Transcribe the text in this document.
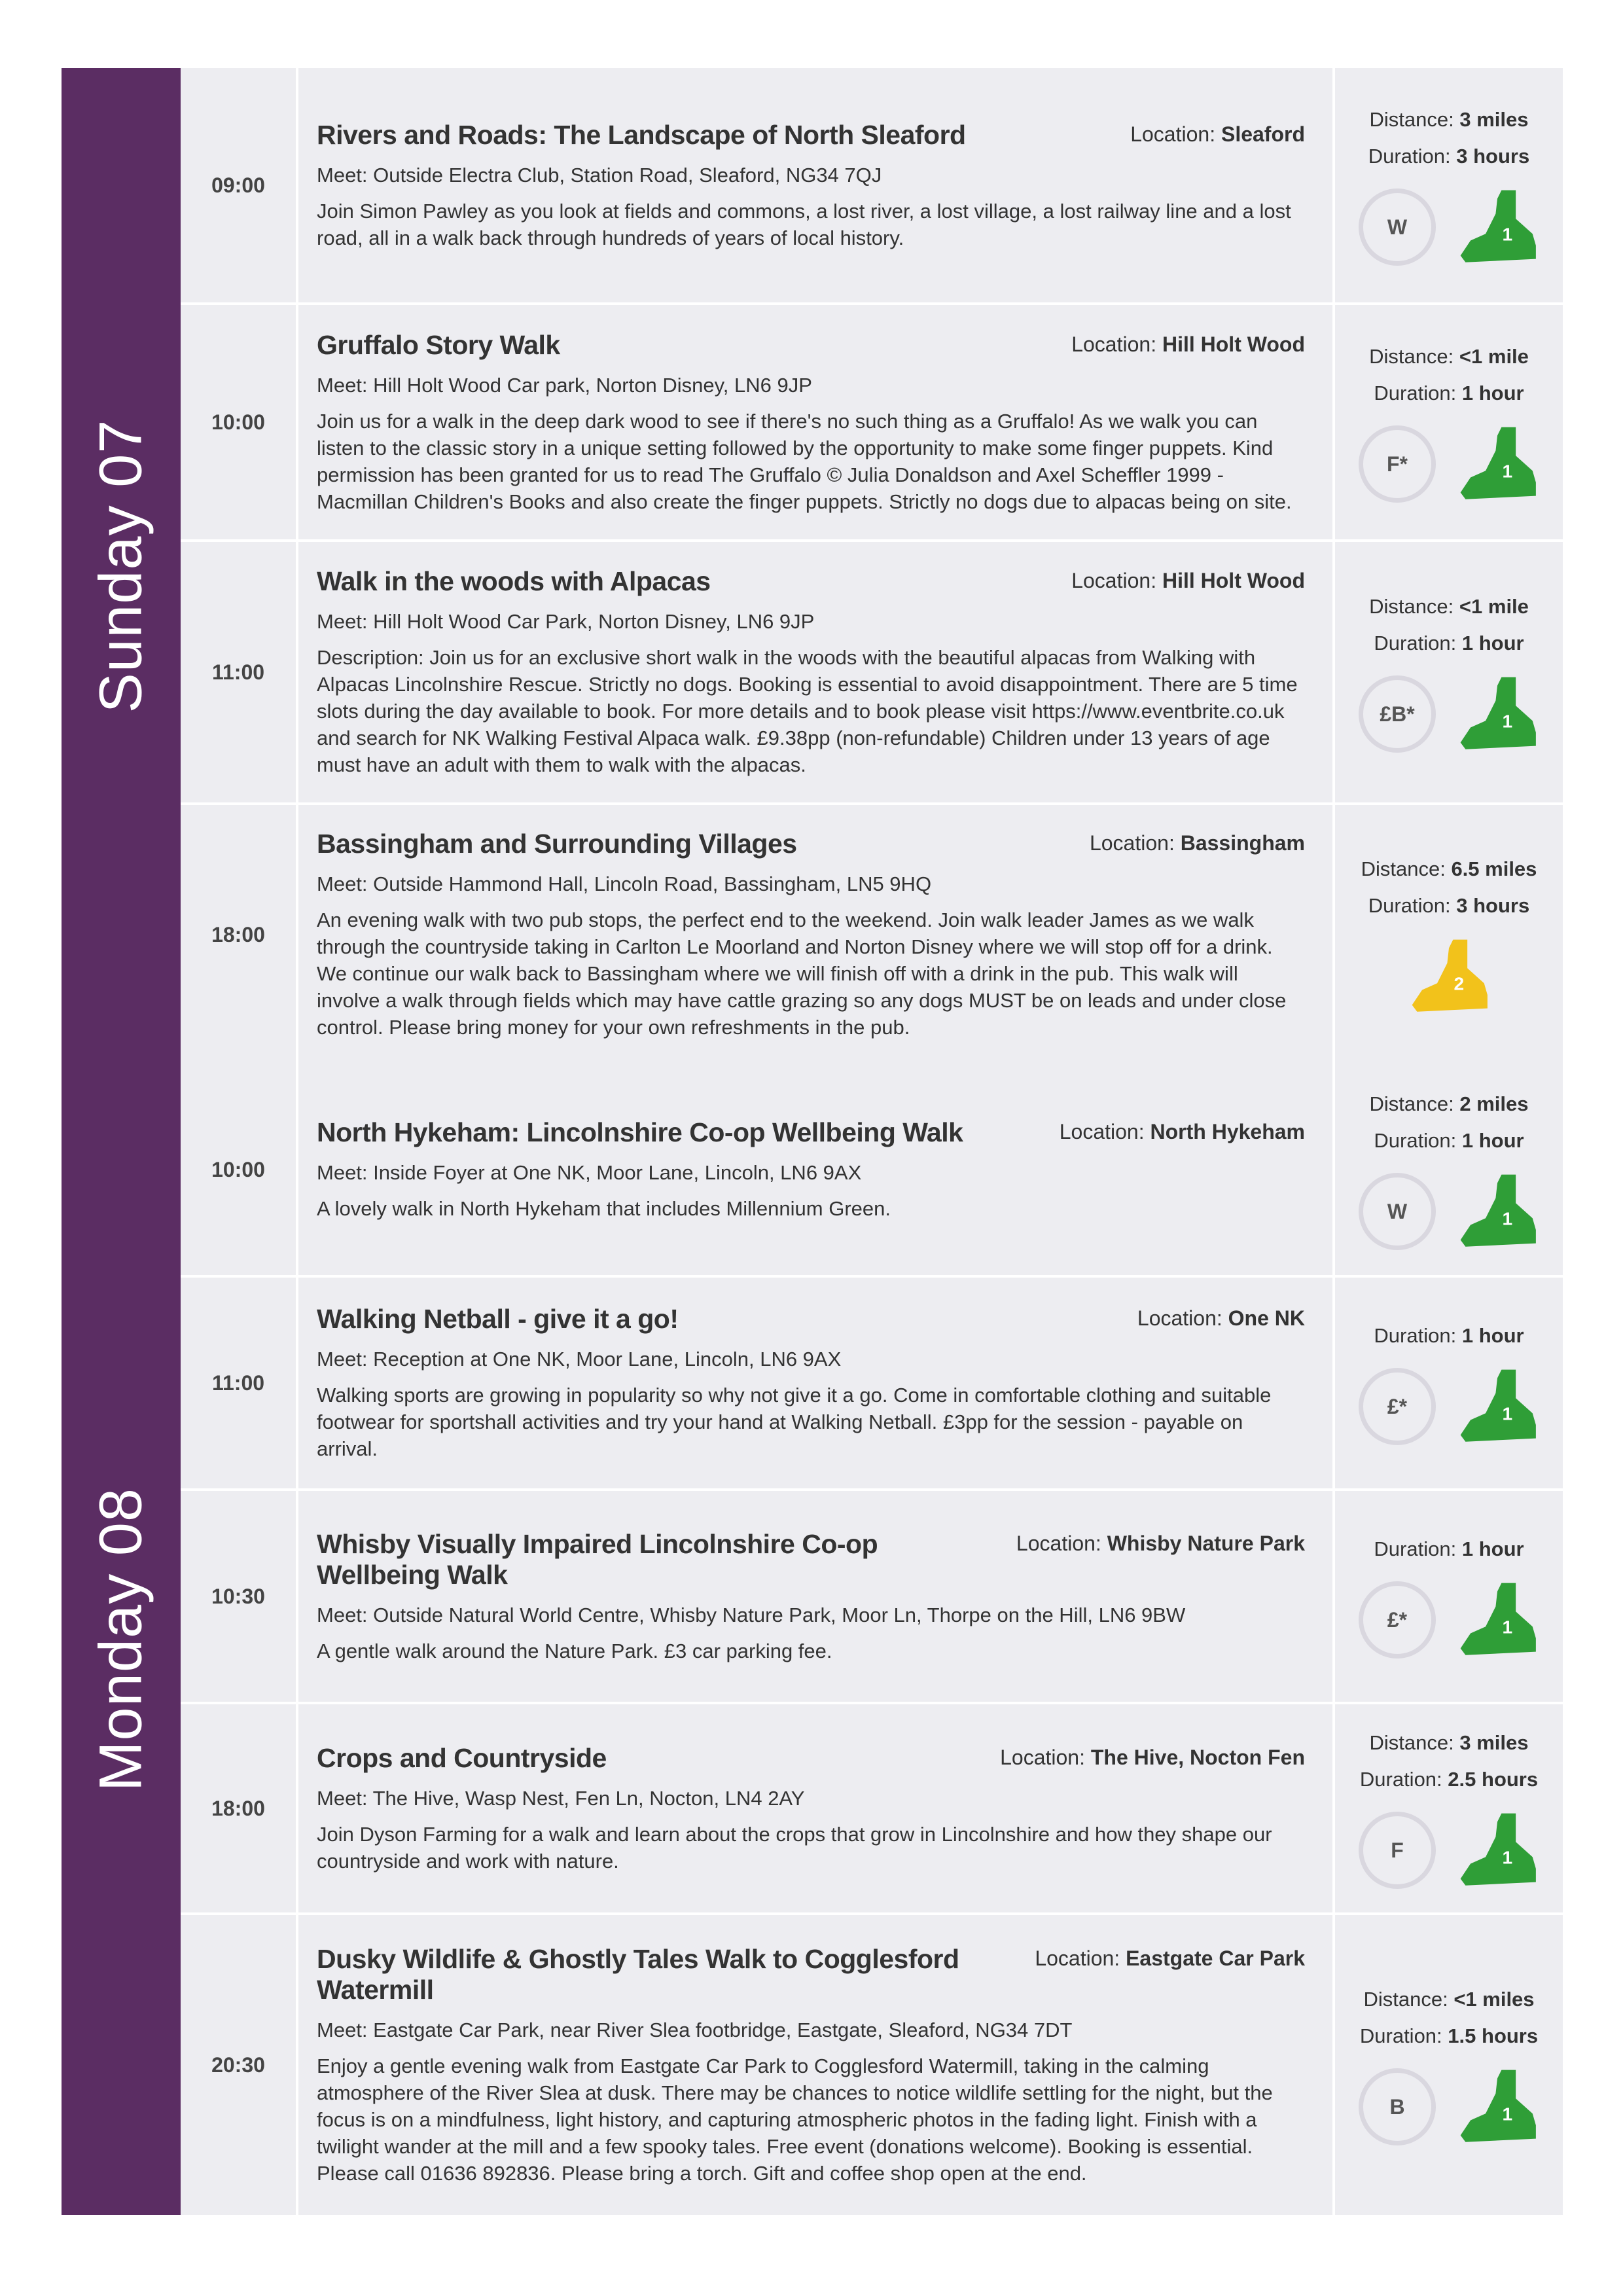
Sunday 07
09:00
Rivers and Roads: The Landscape of North Sleaford	Location: Sleaford
Meet: Outside Electra Club, Station Road, Sleaford, NG34 7QJ
Join Simon Pawley as you look at fields and commons, a lost river, a lost village, a lost railway line and a lost road, all in a walk back through hundreds of years of local history.
Distance: 3 miles
Duration: 3 hours
W	1
10:00
Gruffalo Story Walk	Location: Hill Holt Wood
Meet: Hill Holt Wood Car park, Norton Disney, LN6 9JP
Join us for a walk in the deep dark wood to see if there's no such thing as a Gruffalo! As we walk you can listen to the classic story in a unique setting followed by the opportunity to make some finger puppets. Kind permission has been granted for us to read The Gruffalo © Julia Donaldson and Axel Scheffler 1999 - Macmillan Children's Books and also create the finger puppets. Strictly no dogs due to alpacas being on site.
Distance: <1 mile
Duration: 1 hour
F*	1
11:00
Walk in the woods with Alpacas	Location: Hill Holt Wood
Meet: Hill Holt Wood Car Park, Norton Disney, LN6 9JP
Description: Join us for an exclusive short walk in the woods with the beautiful alpacas from Walking with Alpacas Lincolnshire Rescue. Strictly no dogs. Booking is essential to avoid disappointment. There are 5 time slots during the day available to book. For more details and to book please visit https://www.eventbrite.co.uk and search for NK Walking Festival Alpaca walk. £9.38pp (non-refundable) Children under 13 years of age must have an adult with them to walk with the alpacas.
Distance: <1 mile
Duration: 1 hour
£B*	1
18:00
Bassingham and Surrounding Villages	Location: Bassingham
Meet: Outside Hammond Hall, Lincoln Road, Bassingham, LN5 9HQ
An evening walk with two pub stops, the perfect end to the weekend. Join walk leader James as we walk through the countryside taking in Carlton Le Moorland and Norton Disney where we will stop off for a drink. We continue our walk back to Bassingham where we will finish off with a drink in the pub. This walk will involve a walk through fields which may have cattle grazing so any dogs MUST be on leads and under close control. Please bring money for your own refreshments in the pub.
Distance: 6.5 miles
Duration: 3 hours
2
Monday 08
10:00
North Hykeham: Lincolnshire Co-op Wellbeing Walk	Location: North Hykeham
Meet: Inside Foyer at One NK, Moor Lane, Lincoln, LN6 9AX
A lovely walk in North Hykeham that includes Millennium Green.
Distance: 2 miles
Duration: 1 hour
W	1
11:00
Walking Netball - give it a go!	Location: One NK
Meet: Reception at One NK, Moor Lane, Lincoln, LN6 9AX
Walking sports are growing in popularity so why not give it a go. Come in comfortable clothing and suitable footwear for sportshall activities and try your hand at Walking Netball. £3pp for the session - payable on arrival.
Duration: 1 hour
£*	1
10:30
Whisby Visually Impaired Lincolnshire Co-op Wellbeing Walk
Location: Whisby Nature Park
Meet: Outside Natural World Centre, Whisby Nature Park, Moor Ln, Thorpe on the Hill, LN6 9BW
A gentle walk around the Nature Park. £3 car parking fee.
Duration: 1 hour
£*	1
18:00
Crops and Countryside	Location: The Hive, Nocton Fen
Meet: The Hive, Wasp Nest, Fen Ln, Nocton, LN4 2AY
Join Dyson Farming for a walk and learn about the crops that grow in Lincolnshire and how they shape our countryside and work with nature.
Distance: 3 miles
Duration: 2.5 hours
F	1
20:30
Dusky Wildlife & Ghostly Tales Walk to Cogglesford Watermill
Location: Eastgate Car Park
Meet: Eastgate Car Park, near River Slea footbridge, Eastgate, Sleaford, NG34 7DT
Enjoy a gentle evening walk from Eastgate Car Park to Cogglesford Watermill, taking in the calming atmosphere of the River Slea at dusk. There may be chances to notice wildlife settling for the night, but the focus is on a mindfulness, light history, and capturing atmospheric photos in the fading light. Finish with a twilight wander at the mill and a few spooky tales. Free event (donations welcome). Booking is essential. Please call 01636 892836. Please bring a torch. Gift and coffee shop open at the end.
Distance: <1 miles
Duration: 1.5 hours
B	1
